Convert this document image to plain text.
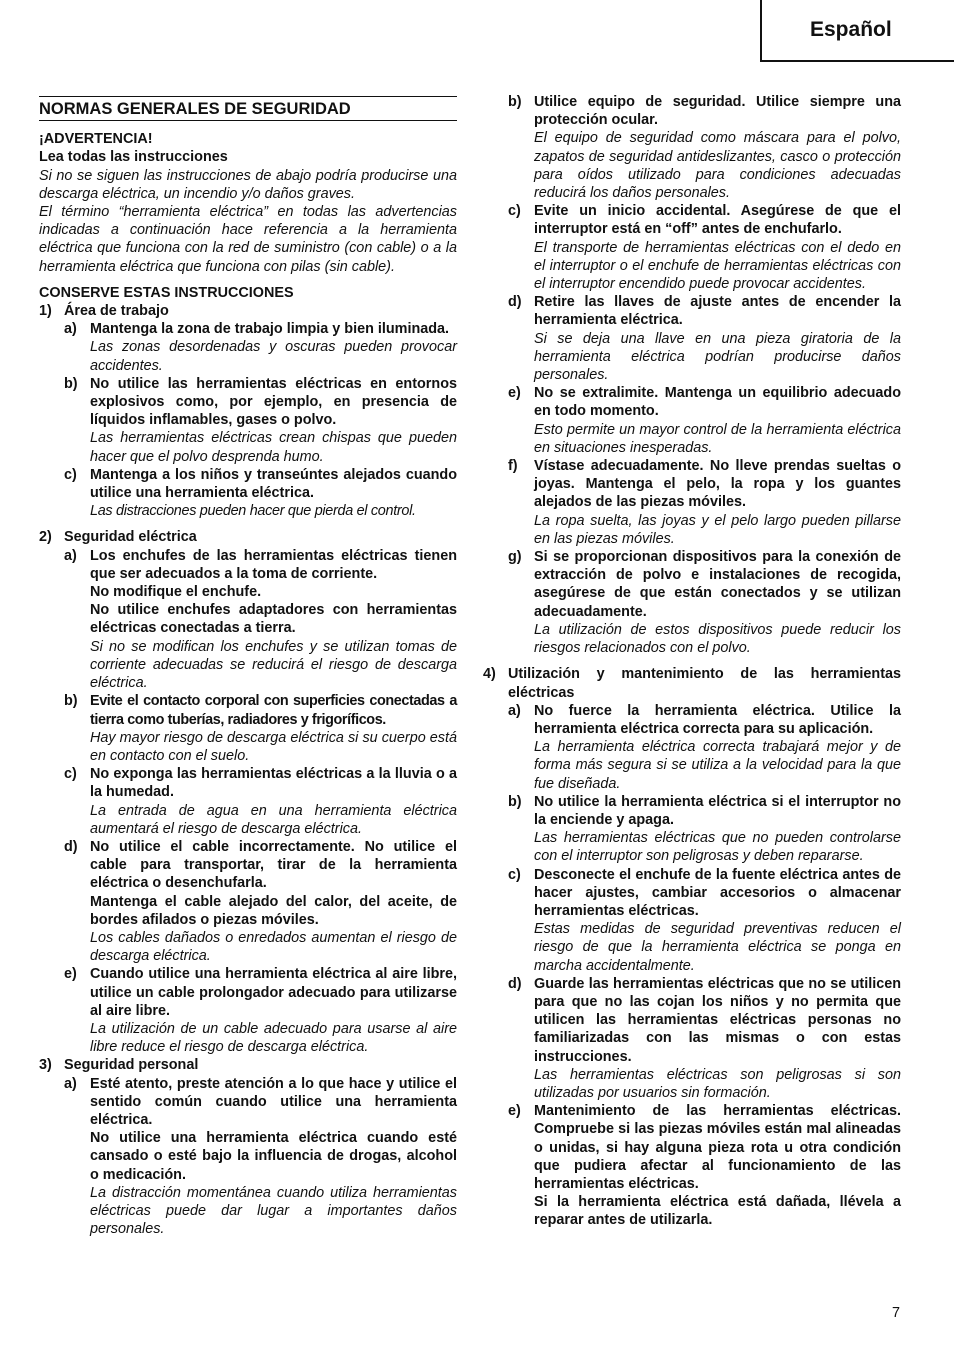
Español
NORMAS GENERALES DE SEGURIDAD

¡ADVERTENCIA!

Lea todas las instrucciones

Si no se siguen las instrucciones de abajo podría producirse una descarga eléctrica, un incendio y/o daños graves.

El término “herramienta eléctrica” en todas las advertencias indicadas a continuación hace referencia a la herramienta eléctrica que funciona con la red de suministro (con cable) o a la herramienta eléctrica que funciona con pilas (sin cable).

CONSERVE ESTAS INSTRUCCIONES

1) Área de trabajo
a) Mantenga la zona de trabajo limpia y bien iluminada.

Las zonas desordenadas y oscuras pueden provocar accidentes.

b) No utilice las herramientas eléctricas en entornos explosivos como, por ejemplo, en presencia de líquidos inflamables, gases o polvo.

Las herramientas eléctricas crean chispas que pueden hacer que el polvo desprenda humo.

c) Mantenga a los niños y transeúntes alejados cuando utilice una herramienta eléctrica.

Las distracciones pueden hacer que pierda el control.

2) Seguridad eléctrica
a) Los enchufes de las herramientas eléctricas tienen que ser adecuados a la toma de corriente.

No modifique el enchufe.

No utilice enchufes adaptadores con herramientas eléctricas conectadas a tierra.

Si no se modifican los enchufes y se utilizan tomas de corriente adecuadas se reducirá el riesgo de descarga eléctrica.

b) Evite el contacto corporal con superficies conectadas a tierra como tuberías, radiadores y frigoríficos.

Hay mayor riesgo de descarga eléctrica si su cuerpo está en contacto con el suelo.

c) No exponga las herramientas eléctricas a la lluvia o a la humedad.

La entrada de agua en una herramienta eléctrica aumentará el riesgo de descarga eléctrica.

d) No utilice el cable incorrectamente. No utilice el cable para transportar, tirar de la herramienta eléctrica o desenchufarla.

Mantenga el cable alejado del calor, del aceite, de bordes afilados o piezas móviles.

Los cables dañados o enredados aumentan el riesgo de descarga eléctrica.

e) Cuando utilice una herramienta eléctrica al aire libre, utilice un cable prolongador adecuado para utilizarse al aire libre.

La utilización de un cable adecuado para usarse al aire libre reduce el riesgo de descarga eléctrica.

3) Seguridad personal
a) Esté atento, preste atención a lo que hace y utilice el sentido común cuando utilice una herramienta eléctrica.

No utilice una herramienta eléctrica cuando esté cansado o esté bajo la influencia de drogas, alcohol o medicación.

La distracción momentánea cuando utiliza herramientas eléctricas puede dar lugar a importantes daños personales.

b) Utilice equipo de seguridad. Utilice siempre una protección ocular.

El equipo de seguridad como máscara para el polvo, zapatos de seguridad antideslizantes, casco o protección para oídos utilizado para condiciones adecuadas reducirá los daños personales.

c) Evite un inicio accidental. Asegúrese de que el interruptor está en “off” antes de enchufarlo.

El transporte de herramientas eléctricas con el dedo en el interruptor o el enchufe de herramientas eléctricas con el interruptor encendido puede provocar accidentes.

d) Retire las llaves de ajuste antes de encender la herramienta eléctrica.

Si se deja una llave en una pieza giratoria de la herramienta eléctrica podrían producirse daños personales.

e) No se extralimite. Mantenga un equilibrio adecuado en todo momento.

Esto permite un mayor control de la herramienta eléctrica en situaciones inesperadas.

f)	Vístase adecuadamente. No lleve prendas sueltas o joyas. Mantenga el pelo, la ropa y los guantes alejados de las piezas móviles.

La ropa suelta, las joyas y el pelo largo pueden pillarse en las piezas móviles.

g) Si se proporcionan dispositivos para la conexión de extracción de polvo e instalaciones de recogida, asegúrese de que están conectados y se utilizan adecuadamente.

La utilización de estos dispositivos puede reducir los riesgos relacionados con el polvo.

4) Utilización y mantenimiento de las herramientas eléctricas
a) No fuerce la herramienta eléctrica. Utilice la herramienta eléctrica correcta para su aplicación.

La herramienta eléctrica correcta trabajará mejor y de forma más segura si se utiliza a la velocidad para la que fue diseñada.

b) No utilice la herramienta eléctrica si el interruptor no la enciende y apaga.

Las herramientas eléctricas que no pueden controlarse con el interruptor son peligrosas y deben repararse.

c) Desconecte el enchufe de la fuente eléctrica antes de hacer ajustes, cambiar accesorios o almacenar herramientas eléctricas.

Estas medidas de seguridad preventivas reducen el riesgo de que la herramienta eléctrica se ponga en marcha accidentalmente.

d) Guarde las herramientas eléctricas que no se utilicen para que no las cojan los niños y no permita que utilicen las herramientas eléctricas personas no familiarizadas con las mismas o con estas instrucciones.

Las herramientas eléctricas son peligrosas si son utilizadas por usuarios sin formación.

e) Mantenimiento de las herramientas eléctricas. Compruebe si las piezas móviles están mal alineadas o unidas, si hay alguna pieza rota u otra condición que pudiera afectar al funcionamiento de las herramientas eléctricas.

Si la herramienta eléctrica está dañada, llévela a reparar antes de utilizarla.

7
